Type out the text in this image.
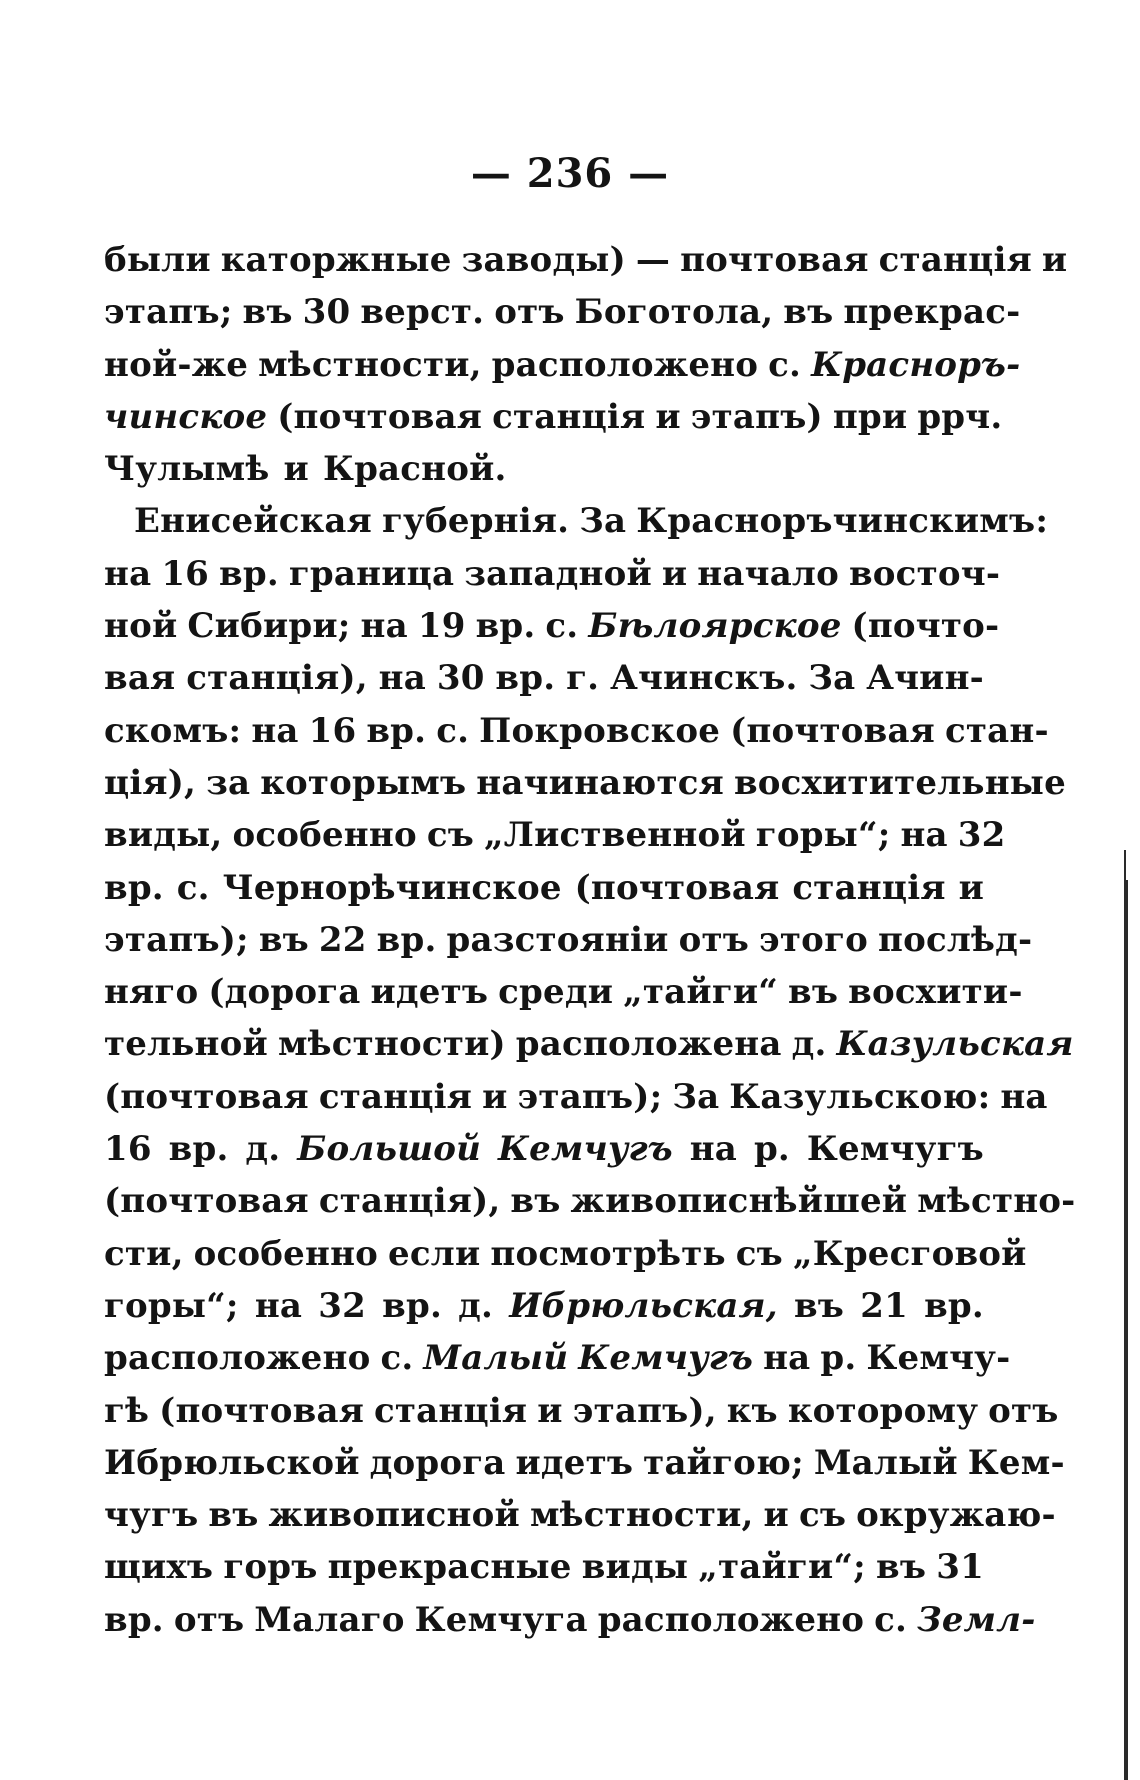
— 236 —
были каторжные заводы) — почтовая станція и
этапъ; въ 30 верст. отъ Боготола, въ прекрас-
ной-же мѣстности, расположено с. Красноръ-
чинское (почтовая станція и этапъ) при ррч.
Чулымѣ и Красной.
Енисейская губернія. За Красноръчинскимъ:
на 16 вр. граница западной и начало восточ-
ной Сибири; на 19 вр. с. Бѣлоярское (почто-
вая станція), на 30 вр. г. Ачинскъ. За Ачин-
скомъ: на 16 вр. с. Покровское (почтовая стан-
ція), за которымъ начинаются восхитительные
виды, особенно съ „Лиственной горы“; на 32
вр. с. Чернорѣчинское (почтовая станція и
этапъ); въ 22 вр. разстояніи отъ этого послѣд-
няго (дорога идетъ среди „тайги“ въ восхити-
тельной мѣстности) расположена д. Казульская
(почтовая станція и этапъ); За Казульскою: на
16 вр. д. Большой Кемчугъ на р. Кемчугъ
(почтовая станція), въ живописнѣйшей мѣстно-
сти, особенно если посмотрѣть съ „Кресговой
горы“; на 32 вр. д. Ибрюльская, въ 21 вр.
расположено с. Малый Кемчугъ на р. Кемчу-
гѣ (почтовая станція и этапъ), къ которому отъ
Ибрюльской дорога идетъ тайгою; Малый Кем-
чугъ въ живописной мѣстности, и съ окружаю-
щихъ горъ прекрасные виды „тайги“; въ 31
вр. отъ Малаго Кемчуга расположено с. Земл-
